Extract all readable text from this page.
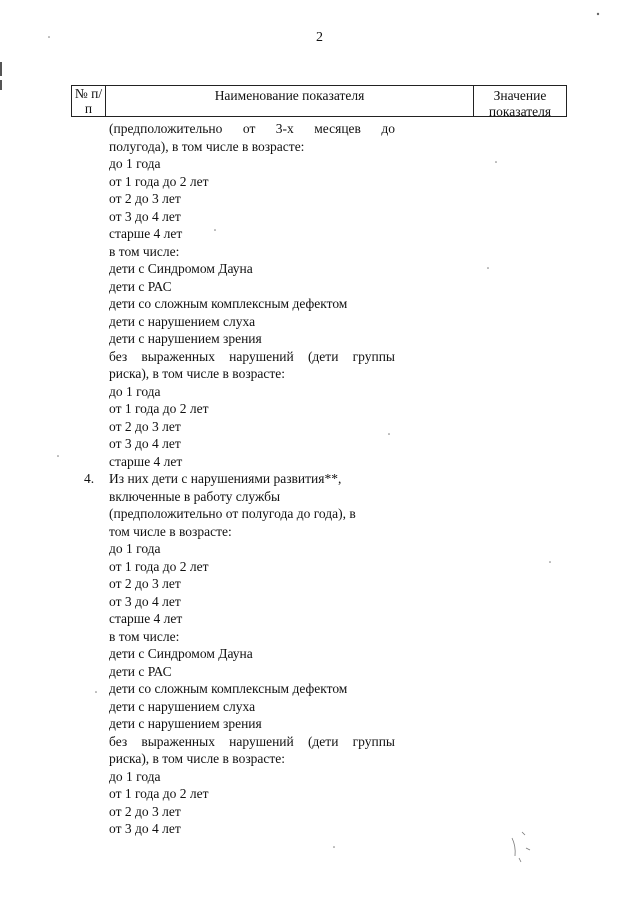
2
№ п/п
Наименование показателя	Значение показателя
(предположительно от 3-х месяцев до
полугода), в том числе в возрасте:
до 1 года
от 1 года до 2 лет
от 2 до 3 лет
от 3 до 4 лет
старше 4 лет
в том числе:
дети с Синдромом Дауна
дети с РАС
дети со сложным комплексным дефектом
дети с нарушением слуха
дети с нарушением зрения
без выраженных нарушений (дети группы
риска), в том числе в возрасте:
до 1 года
от 1 года до 2 лет
от 2 до 3 лет
от 3 до 4 лет
старше 4 лет
4. Из них дети с нарушениями развития**,
включенные в работу службы
(предположительно от полугода до года), в
том числе в возрасте:
до 1 года
от 1 года до 2 лет
от 2 до 3 лет
от 3 до 4 лет
старше 4 лет
в том числе:
дети с Синдромом Дауна
дети с РАС
дети со сложным комплексным дефектом
дети с нарушением слуха
дети с нарушением зрения
без выраженных нарушений (дети группы
риска), в том числе в возрасте:
до 1 года
от 1 года до 2 лет
от 2 до 3 лет
от 3 до 4 лет
